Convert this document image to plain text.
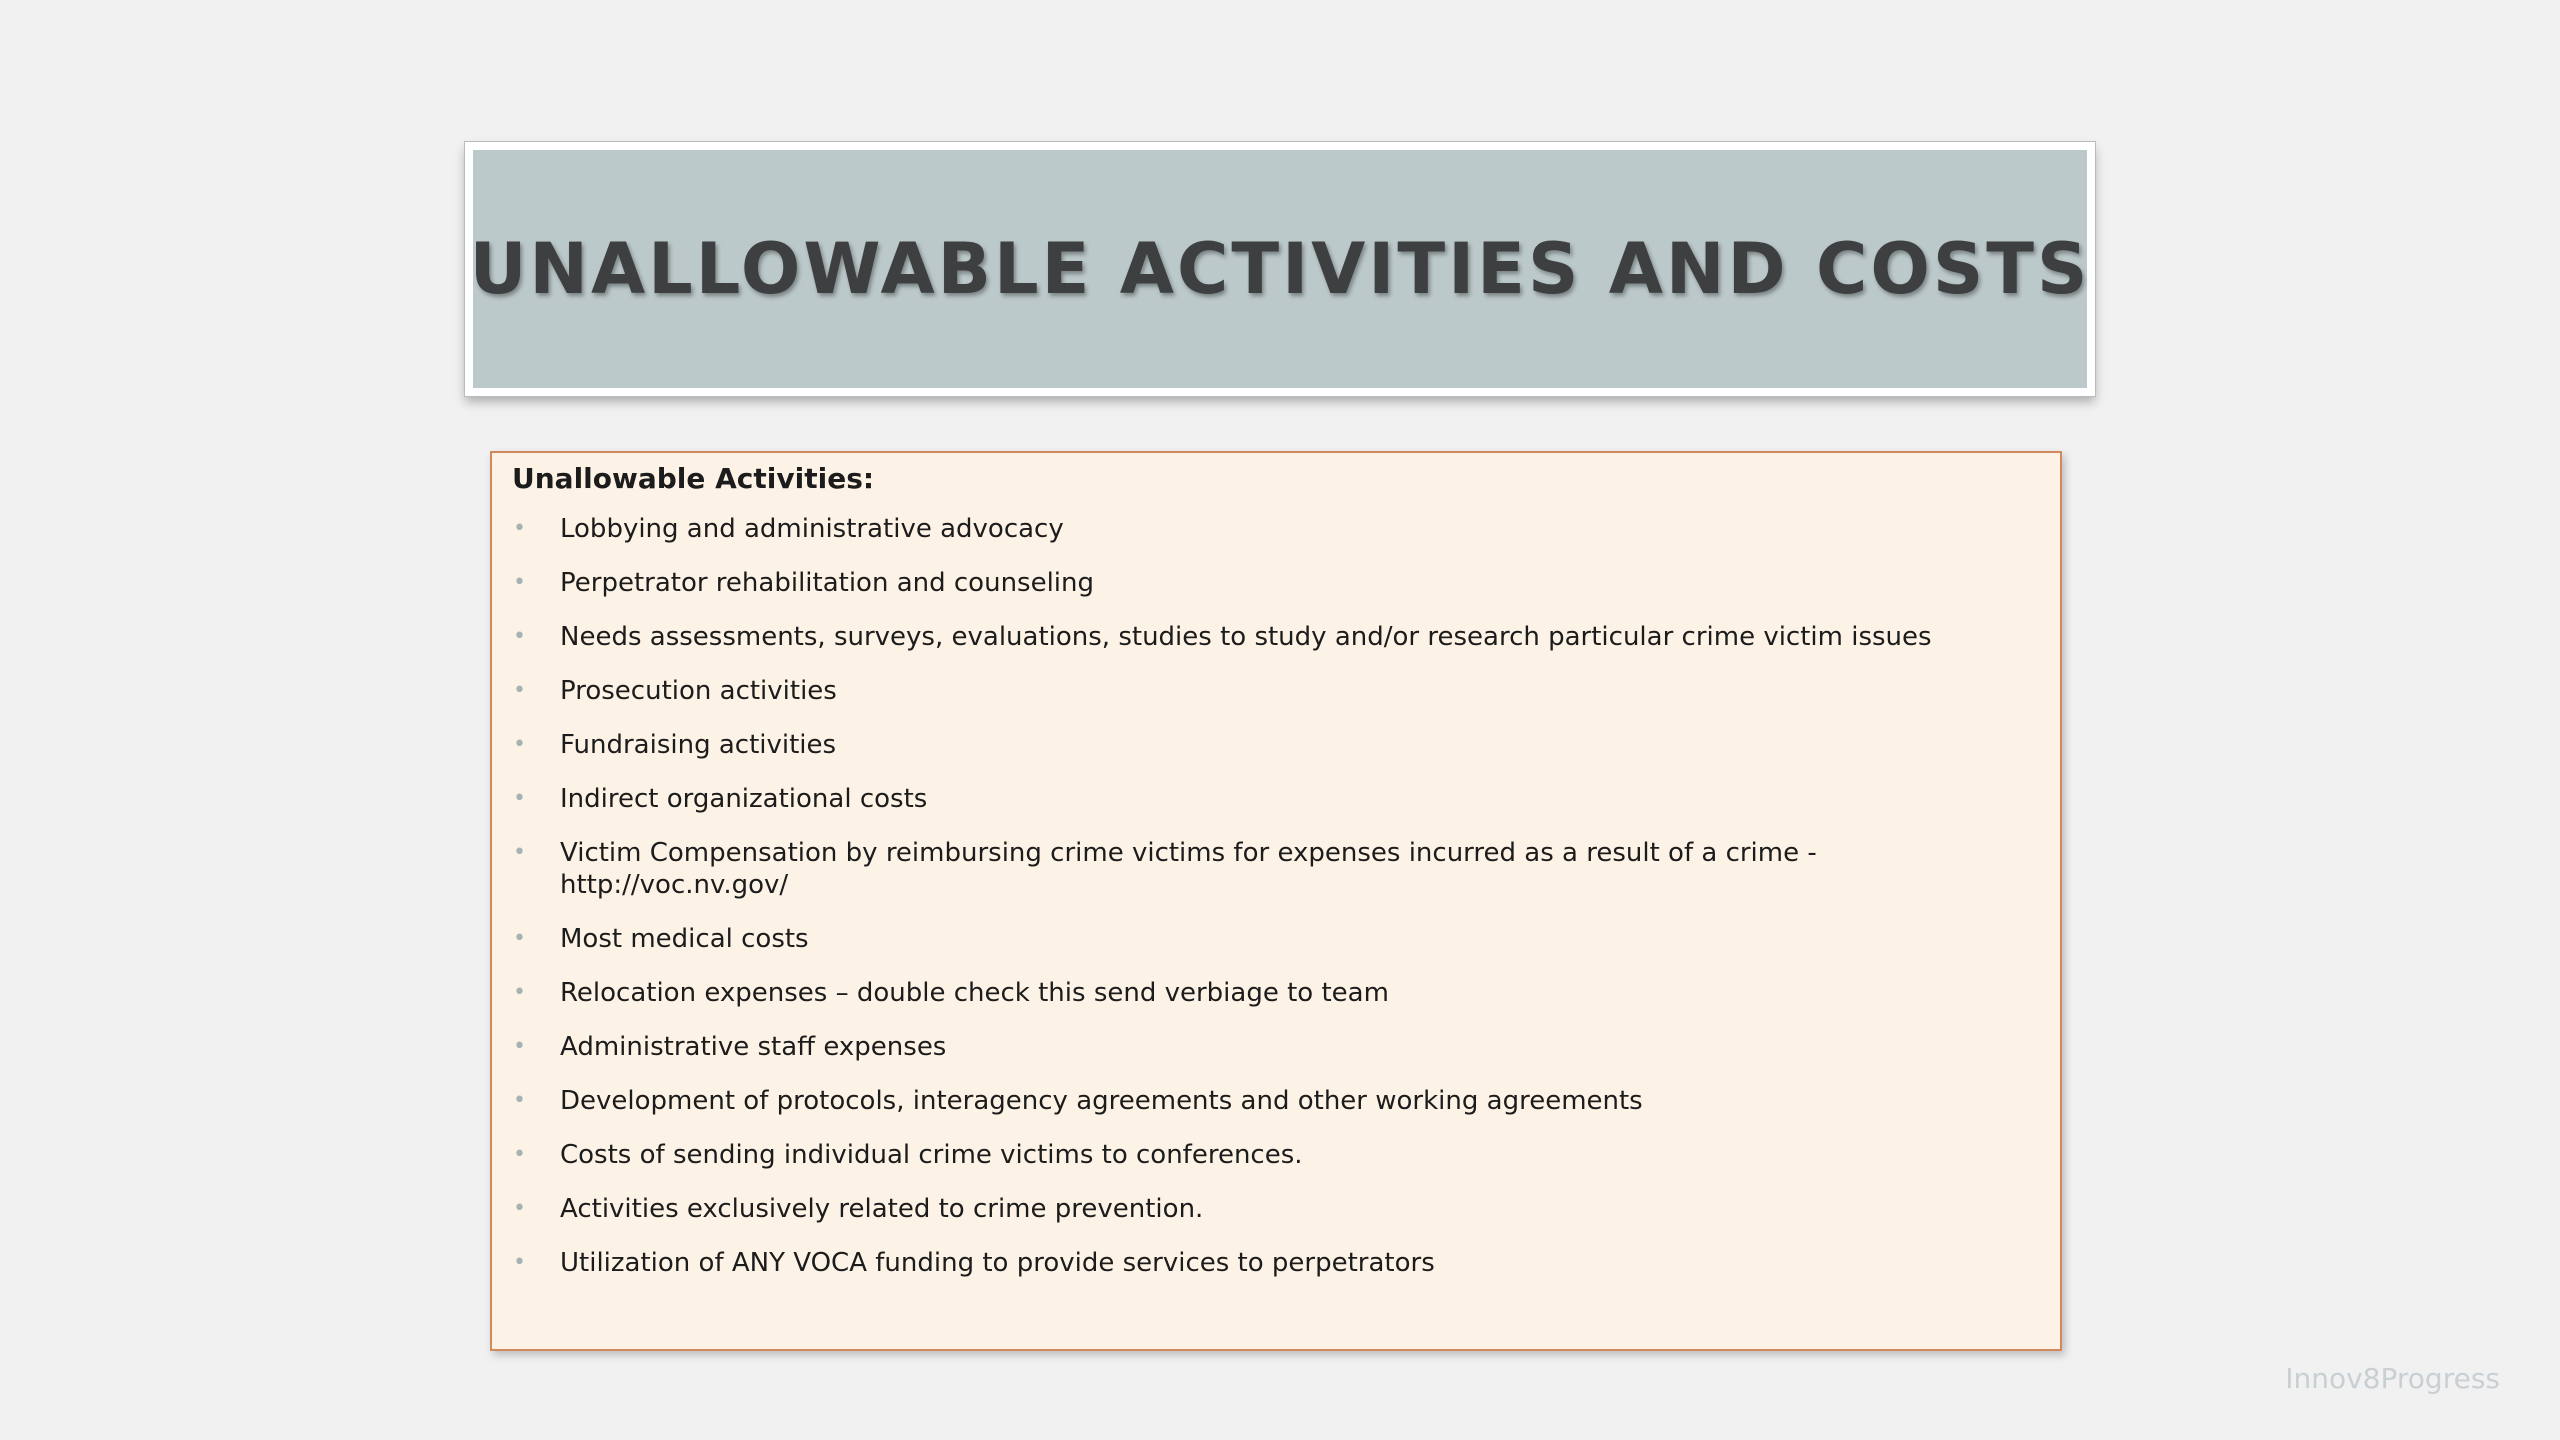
UNALLOWABLE ACTIVITIES AND COSTS
Unallowable Activities:
• Lobbying and administrative advocacy
• Perpetrator rehabilitation and counseling
• Needs assessments, surveys, evaluations, studies to study and/or research particular crime victim issues
• Prosecution activities
• Fundraising activities
• Indirect organizational costs
• Victim Compensation by reimbursing crime victims for expenses incurred as a result of a crime - http://voc.nv.gov/
• Most medical costs
• Relocation expenses – double check this send verbiage to team
• Administrative staff expenses
• Development of protocols, interagency agreements and other working agreements
• Costs of sending individual crime victims to conferences.
• Activities exclusively related to crime prevention.
• Utilization of ANY VOCA funding to provide services to perpetrators
Innov8Progress
